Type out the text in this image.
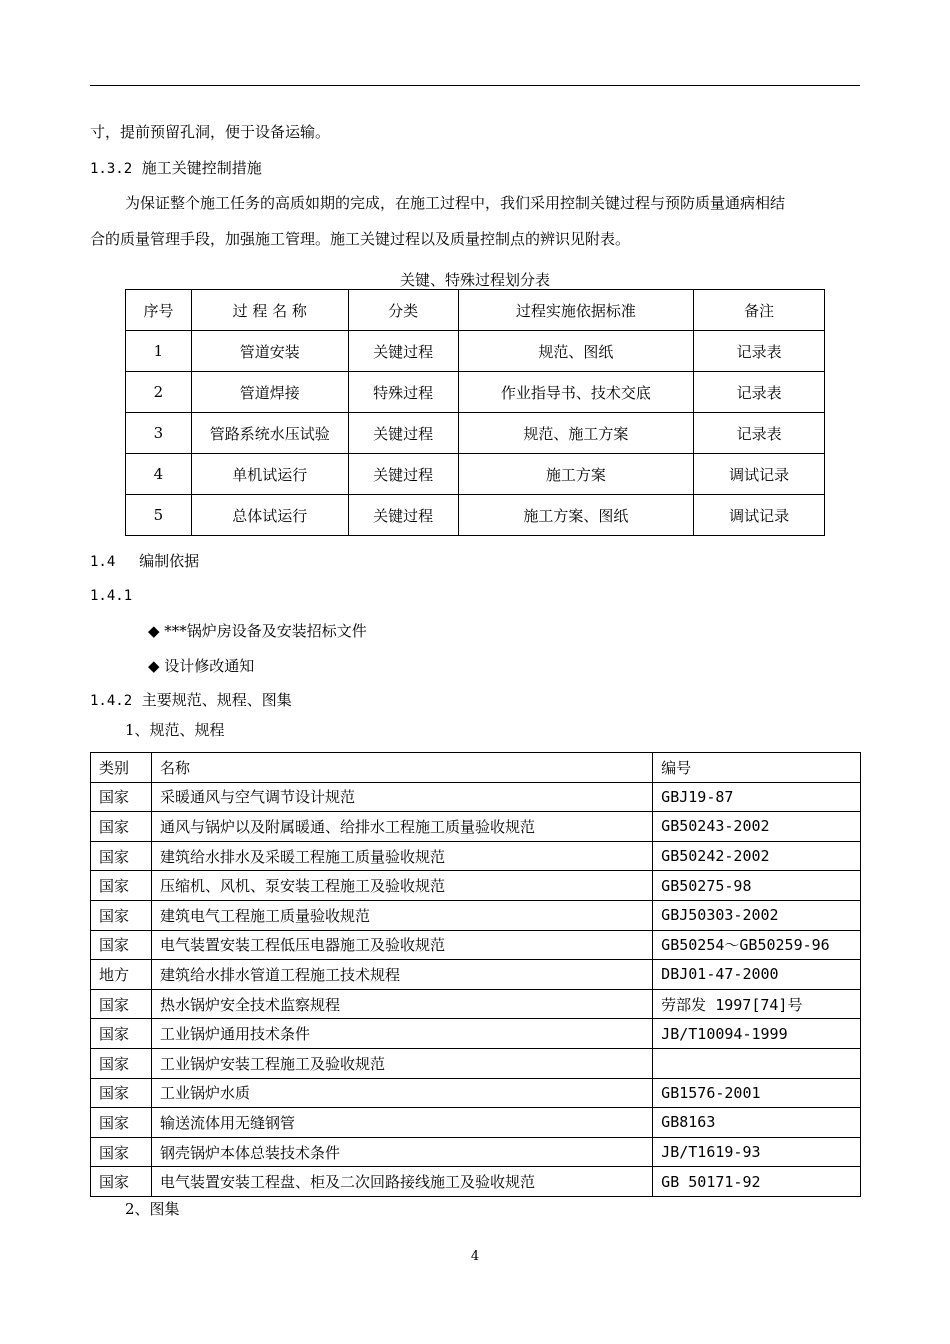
寸，提前预留孔洞，便于设备运输。
1.3.2 施工关键控制措施
为保证整个施工任务的高质如期的完成，在施工过程中，我们采用控制关键过程与预防质量通病相结
合的质量管理手段，加强施工管理。施工关键过程以及质量控制点的辨识见附表。
关键、特殊过程划分表
序号	过 程 名 称	分类	过程实施依据标准	备注
1	管道安装	关键过程	规范、图纸	记录表
2	管道焊接	特殊过程	作业指导书、技术交底	记录表
3	管路系统水压试验	关键过程	规范、施工方案	记录表
4	单机试运行	关键过程	施工方案	调试记录
5	总体试运行	关键过程	施工方案、图纸	调试记录
1.4 编制依据
1.4.1
◆ ***锅炉房设备及安装招标文件
◆ 设计修改通知
1.4.2 主要规范、规程、图集
1、规范、规程
类别	名称	编号
国家	采暖通风与空气调节设计规范	GBJ19-87
国家	通风与锅炉以及附属暖通、给排水工程施工质量验收规范	GB50243-2002
国家	建筑给水排水及采暖工程施工质量验收规范	GB50242-2002
国家	压缩机、风机、泵安装工程施工及验收规范	GB50275-98
国家	建筑电气工程施工质量验收规范	GBJ50303-2002
国家	电气装置安装工程低压电器施工及验收规范	GB50254～GB50259-96
地方	建筑给水排水管道工程施工技术规程	DBJ01-47-2000
国家	热水锅炉安全技术监察规程	劳部发 1997[74]号
国家	工业锅炉通用技术条件	JB/T10094-1999
国家	工业锅炉安装工程施工及验收规范	
国家	工业锅炉水质	GB1576-2001
国家	输送流体用无缝钢管	GB8163
国家	钢壳锅炉本体总装技术条件	JB/T1619-93
国家	电气装置安装工程盘、柜及二次回路接线施工及验收规范	GB 50171-92
2、图集
4
